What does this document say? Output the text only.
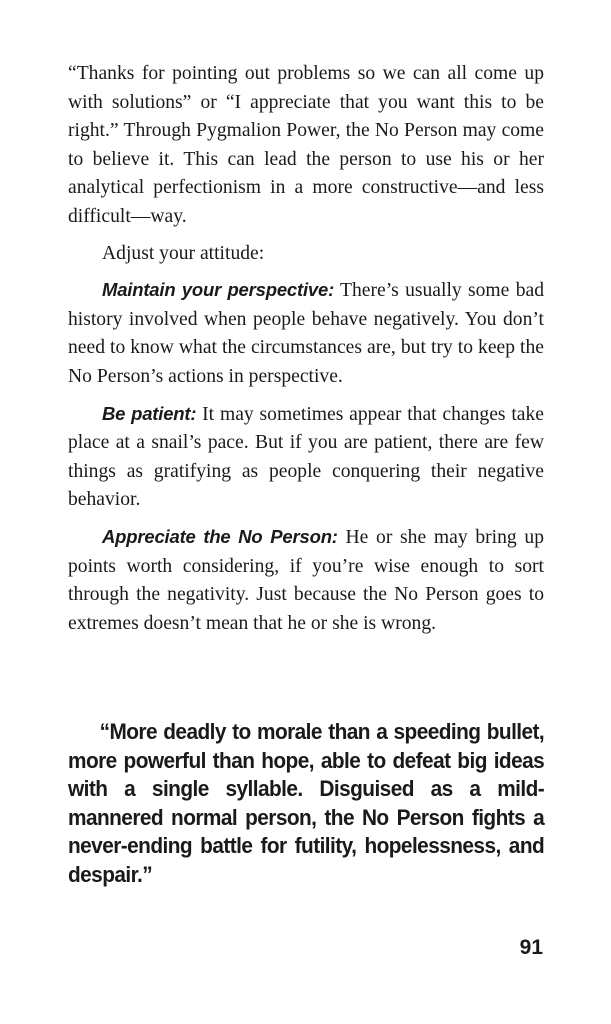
“Thanks for pointing out problems so we can all come up with solutions” or “I appreciate that you want this to be right.” Through Pygmalion Power, the No Person may come to believe it. This can lead the person to use his or her analytical perfectionism in a more constructive—and less difficult—way.

Adjust your attitude:

Maintain your perspective: There’s usually some bad history involved when people behave negatively. You don’t need to know what the circumstances are, but try to keep the No Person’s actions in perspective.

Be patient: It may sometimes appear that changes take place at a snail’s pace. But if you are patient, there are few things as gratifying as people conquering their negative behavior.

Appreciate the No Person: He or she may bring up points worth considering, if you’re wise enough to sort through the negativity. Just because the No Person goes to extremes doesn’t mean that he or she is wrong.

“More deadly to morale than a speeding bullet, more powerful than hope, able to defeat big ideas with a single syllable. Disguised as a mild-mannered normal person, the No Person fights a never-ending battle for futility, hopelessness, and despair.”

91
